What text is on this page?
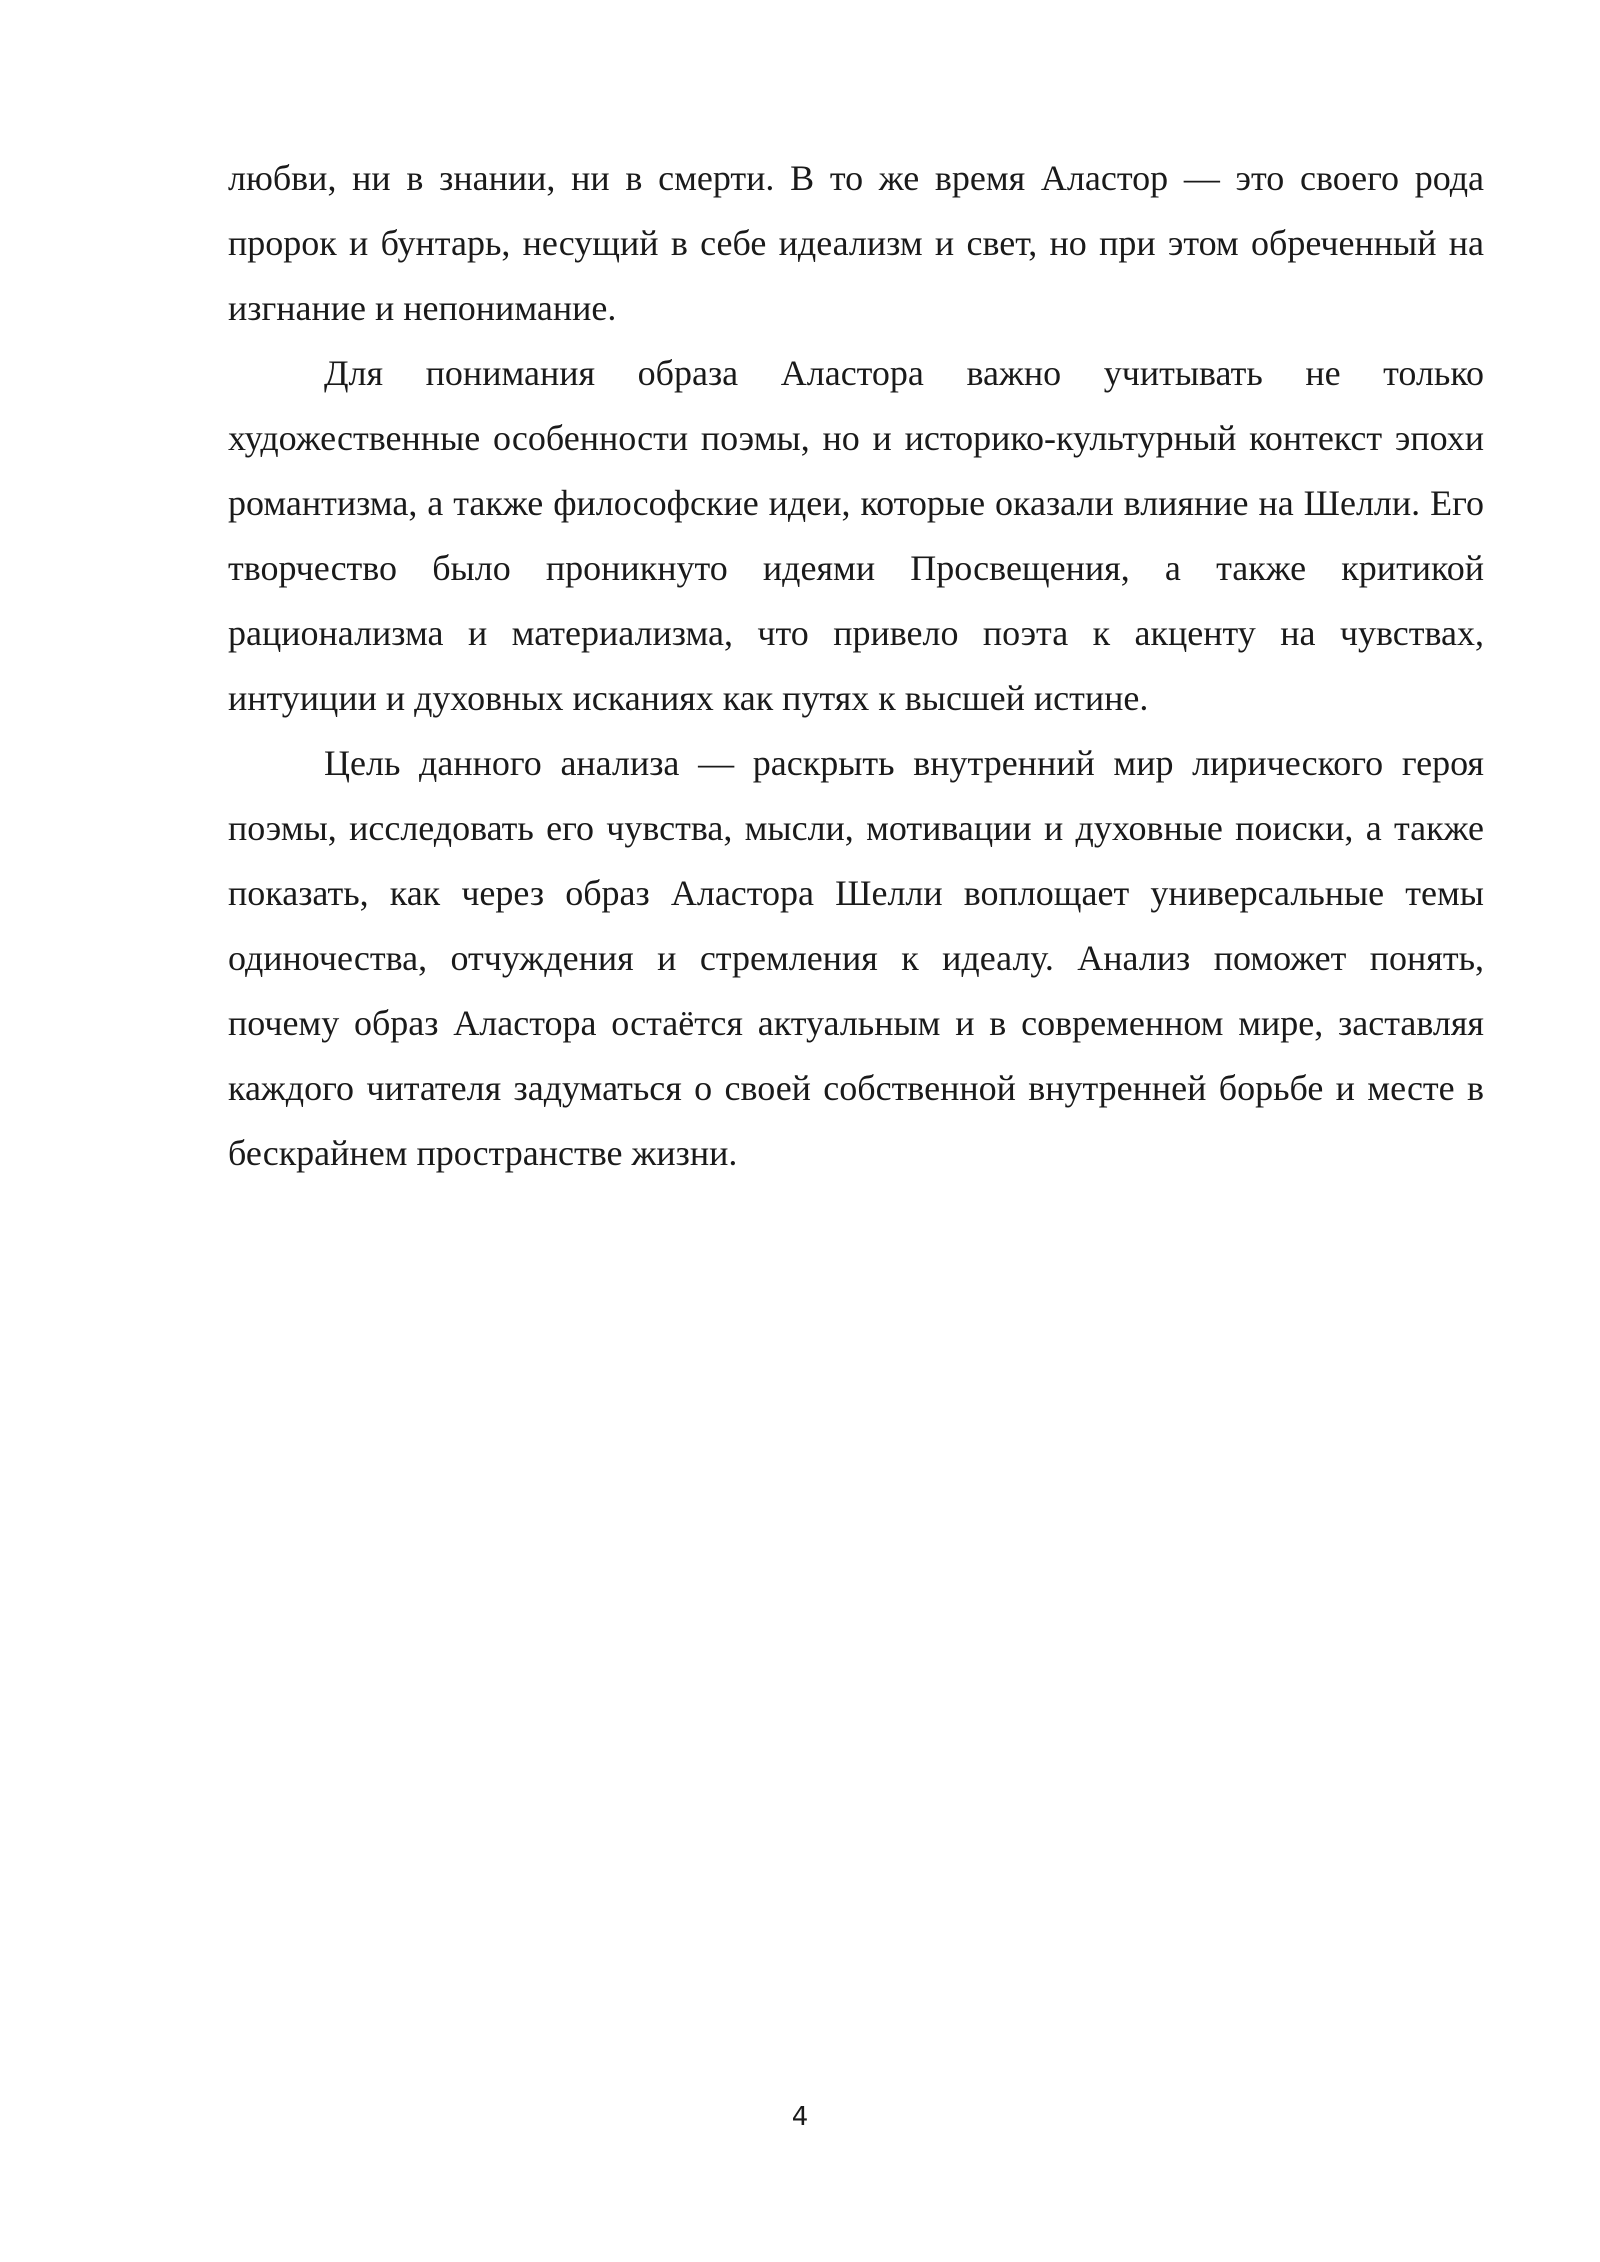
любви, ни в знании, ни в смерти. В то же время Аластор — это своего рода пророк и бунтарь, несущий в себе идеализм и свет, но при этом обреченный на изгнание и непонимание.

Для понимания образа Аластора важно учитывать не только художественные особенности поэмы, но и историко-культурный контекст эпохи романтизма, а также философские идеи, которые оказали влияние на Шелли. Его творчество было проникнуто идеями Просвещения, а также критикой рационализма и материализма, что привело поэта к акценту на чувствах, интуиции и духовных исканиях как путях к высшей истине.

Цель данного анализа — раскрыть внутренний мир лирического героя поэмы, исследовать его чувства, мысли, мотивации и духовные поиски, а также показать, как через образ Аластора Шелли воплощает универсальные темы одиночества, отчуждения и стремления к идеалу. Анализ поможет понять, почему образ Аластора остаётся актуальным и в современном мире, заставляя каждого читателя задуматься о своей собственной внутренней борьбе и месте в бескрайнем пространстве жизни.

4
